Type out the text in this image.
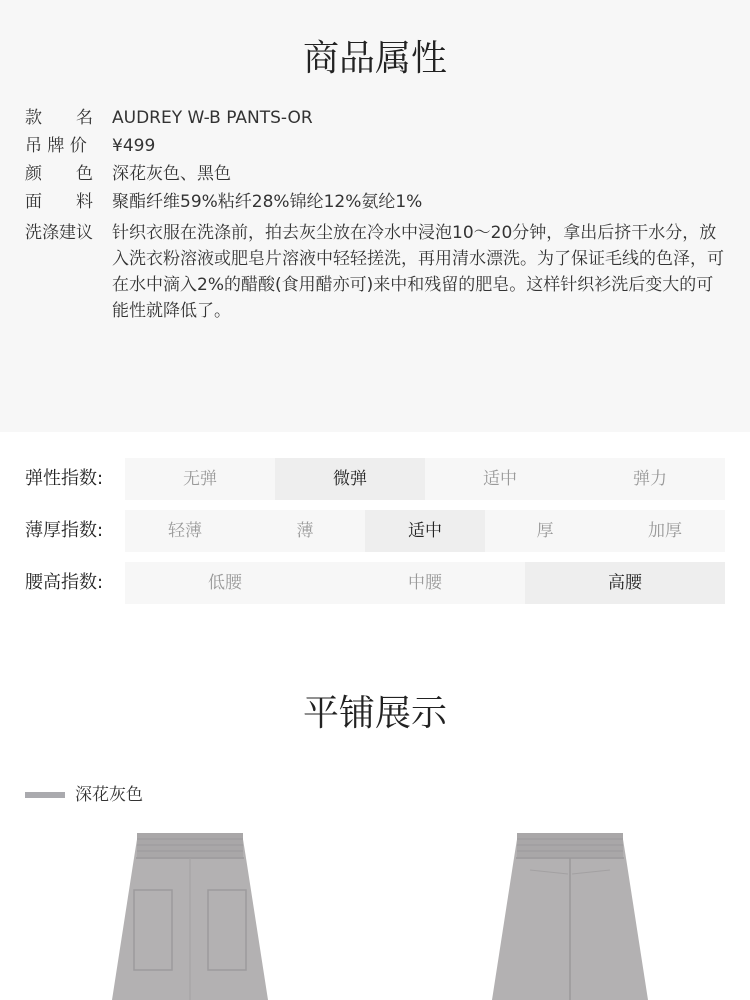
商品属性
款　　名	AUDREY W-B PANTS-OR
吊 牌 价	¥499
颜　　色	深花灰色、黑色
面　　料	聚酯纤维59%粘纤28%锦纶12%氨纶1%
洗涤建议	针织衣服在洗涤前，拍去灰尘放在冷水中浸泡10～20分钟，拿出后挤干水分，放入洗衣粉溶液或肥皂片溶液中轻轻搓洗，再用清水漂洗。为了保证毛线的色泽，可在水中滴入2%的醋酸(食用醋亦可)来中和残留的肥皂。这样针织衫洗后变大的可能性就降低了。
弹性指数:	无弹	微弹	适中	弹力
薄厚指数:	轻薄	薄	适中	厚	加厚
腰高指数:	低腰	中腰	高腰
平铺展示
深花灰色
